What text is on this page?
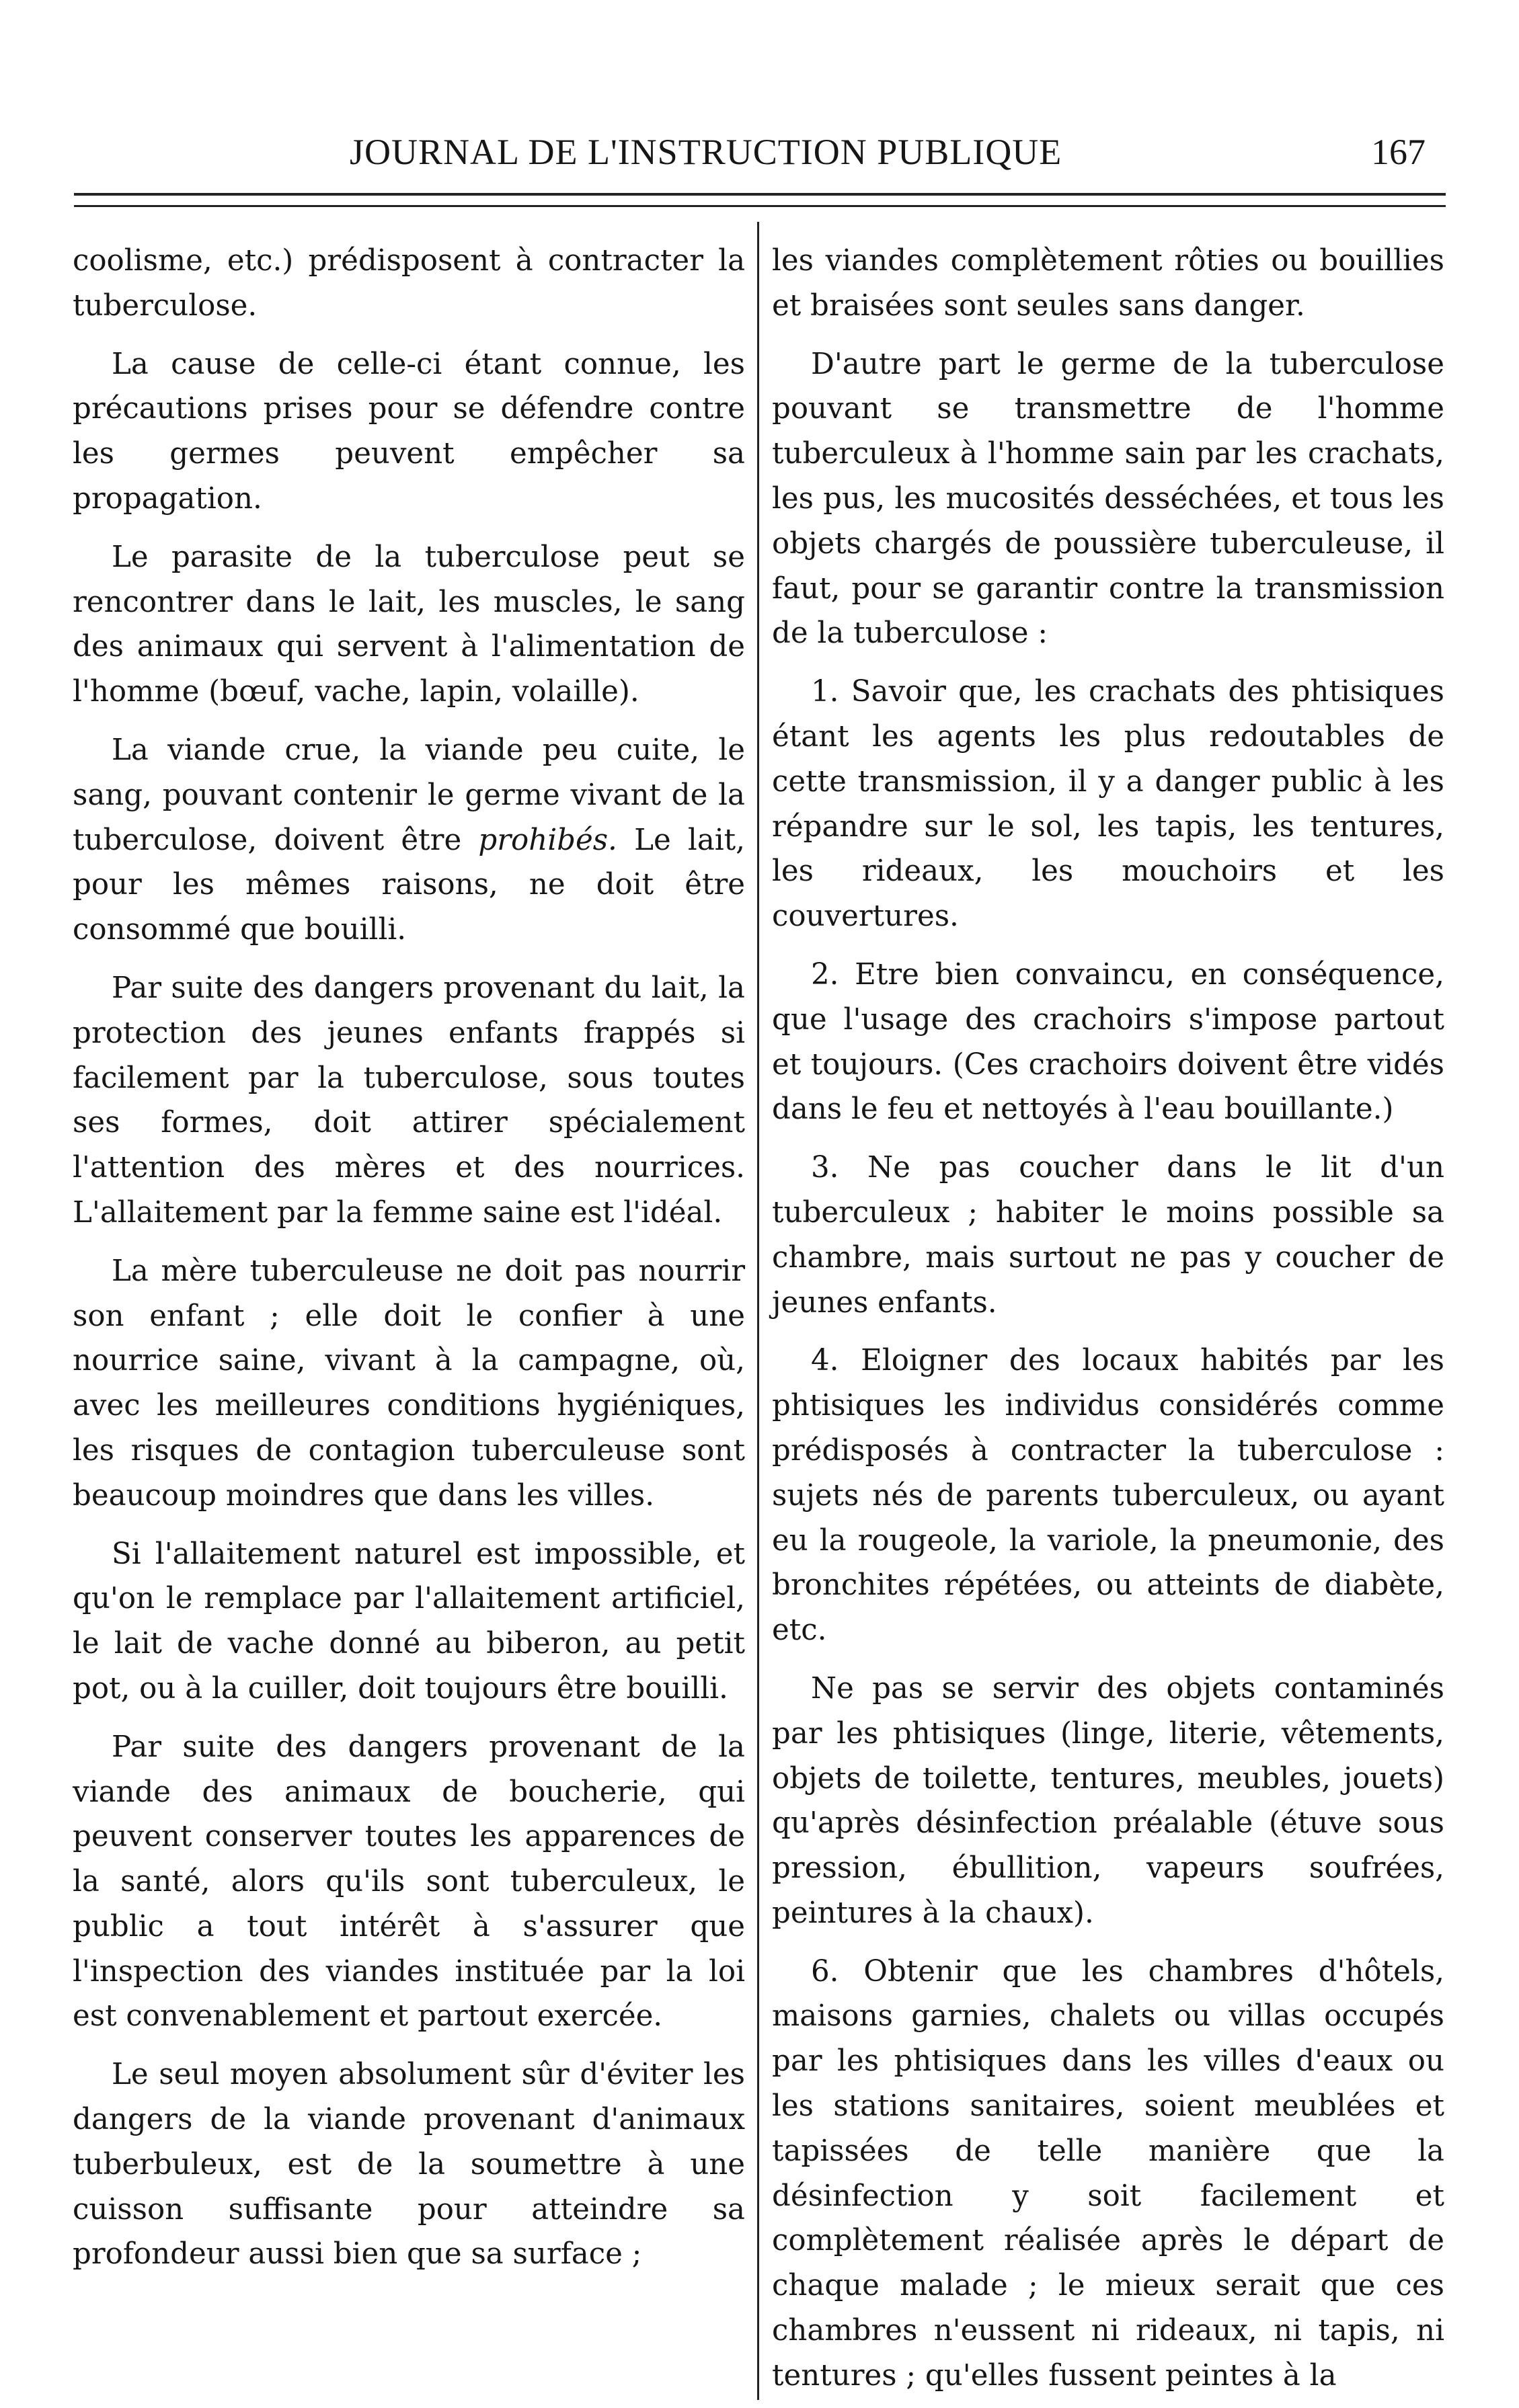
JOURNAL DE L'INSTRUCTION PUBLIQUE	167

coolisme, etc.) prédisposent à contracter la tuberculose.

La cause de celle-ci étant connue, les précautions prises pour se défendre contre les germes peuvent empêcher sa propagation.

Le parasite de la tuberculose peut se rencontrer dans le lait, les muscles, le sang des animaux qui servent à l'alimentation de l'homme (bœuf, vache, lapin, volaille).

La viande crue, la viande peu cuite, le sang, pouvant contenir le germe vivant de la tuberculose, doivent être prohibés. Le lait, pour les mêmes raisons, ne doit être consommé que bouilli.

Par suite des dangers provenant du lait, la protection des jeunes enfants frappés si facilement par la tuberculose, sous toutes ses formes, doit attirer spécialement l'attention des mères et des nourrices. L'allaitement par la femme saine est l'idéal.

La mère tuberculeuse ne doit pas nourrir son enfant ; elle doit le confier à une nourrice saine, vivant à la campagne, où, avec les meilleures conditions hygiéniques, les risques de contagion tuberculeuse sont beaucoup moindres que dans les villes.

Si l'allaitement naturel est impossible, et qu'on le remplace par l'allaitement artificiel, le lait de vache donné au biberon, au petit pot, ou à la cuiller, doit toujours être bouilli.

Par suite des dangers provenant de la viande des animaux de boucherie, qui peuvent conserver toutes les apparences de la santé, alors qu'ils sont tuberculeux, le public a tout intérêt à s'assurer que l'inspection des viandes instituée par la loi est convenablement et partout exercée.

Le seul moyen absolument sûr d'éviter les dangers de la viande provenant d'animaux tuberbuleux, est de la soumettre à une cuisson suffisante pour atteindre sa profondeur aussi bien que sa surface ;

les viandes complètement rôties ou bouillies et braisées sont seules sans danger.

D'autre part le germe de la tuberculose pouvant se transmettre de l'homme tuberculeux à l'homme sain par les crachats, les pus, les mucosités desséchées, et tous les objets chargés de poussière tuberculeuse, il faut, pour se garantir contre la transmission de la tuberculose :

1. Savoir que, les crachats des phtisiques étant les agents les plus redoutables de cette transmission, il y a danger public à les répandre sur le sol, les tapis, les tentures, les rideaux, les mouchoirs et les couvertures.

2. Etre bien convaincu, en conséquence, que l'usage des crachoirs s'impose partout et toujours. (Ces crachoirs doivent être vidés dans le feu et nettoyés à l'eau bouillante.)

3. Ne pas coucher dans le lit d'un tuberculeux ; habiter le moins possible sa chambre, mais surtout ne pas y coucher de jeunes enfants.

4. Eloigner des locaux habités par les phtisiques les individus considérés comme prédisposés à contracter la tuberculose : sujets nés de parents tuberculeux, ou ayant eu la rougeole, la variole, la pneumonie, des bronchites répétées, ou atteints de diabète, etc.

Ne pas se servir des objets contaminés par les phtisiques (linge, literie, vêtements, objets de toilette, tentures, meubles, jouets) qu'après désinfection préalable (étuve sous pression, ébullition, vapeurs soufrées, peintures à la chaux).

6. Obtenir que les chambres d'hôtels, maisons garnies, chalets ou villas occupés par les phtisiques dans les villes d'eaux ou les stations sanitaires, soient meublées et tapissées de telle manière que la désinfection y soit facilement et complètement réalisée après le départ de chaque malade ; le mieux serait que ces chambres n'eussent ni rideaux, ni tapis, ni tentures ; qu'elles fussent peintes à la
